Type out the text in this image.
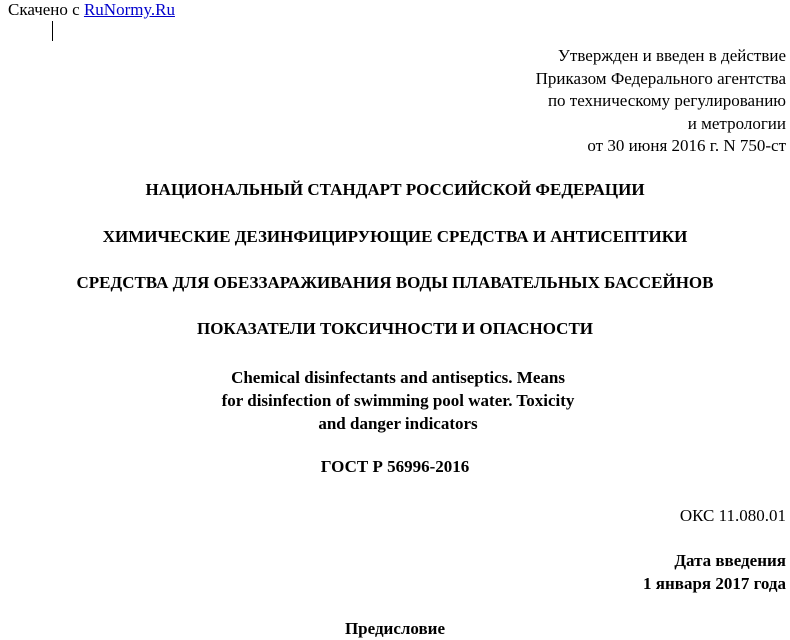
Скачено с RuNormy.Ru
Утвержден и введен в действие
Приказом Федерального агентства
по техническому регулированию
и метрологии
от 30 июня 2016 г. N 750-ст
НАЦИОНАЛЬНЫЙ СТАНДАРТ РОССИЙСКОЙ ФЕДЕРАЦИИ
ХИМИЧЕСКИЕ ДЕЗИНФИЦИРУЮЩИЕ СРЕДСТВА И АНТИСЕПТИКИ
СРЕДСТВА ДЛЯ ОБЕЗЗАРАЖИВАНИЯ ВОДЫ ПЛАВАТЕЛЬНЫХ БАССЕЙНОВ
ПОКАЗАТЕЛИ ТОКСИЧНОСТИ И ОПАСНОСТИ
Chemical disinfectants and antiseptics. Means
for disinfection of swimming pool water. Toxicity
and danger indicators
ГОСТ Р 56996-2016
ОКС 11.080.01
Дата введения
1 января 2017 года
Предисловие
